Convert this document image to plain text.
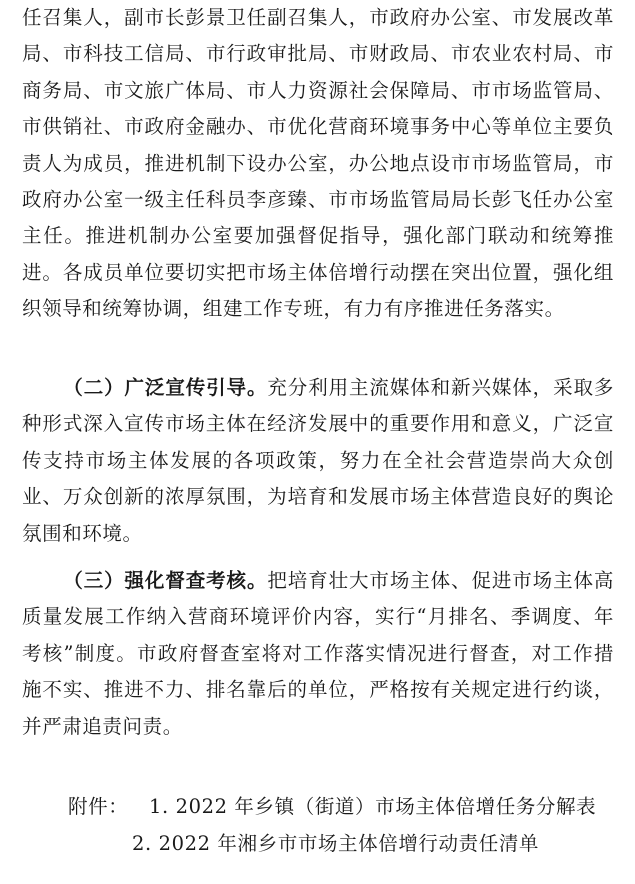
任召集人，副市长彭景卫任副召集人，市政府办公室、市发展改革局、市科技工信局、市行政审批局、市财政局、市农业农村局、市商务局、市文旅广体局、市人力资源社会保障局、市市场监管局、市供销社、市政府金融办、市优化营商环境事务中心等单位主要负责人为成员，推进机制下设办公室，办公地点设市市场监管局，市政府办公室一级主任科员李彦臻、市市场监管局局长彭飞任办公室主任。推进机制办公室要加强督促指导，强化部门联动和统筹推进。各成员单位要切实把市场主体倍增行动摆在突出位置，强化组织领导和统筹协调，组建工作专班，有力有序推进任务落实。

（二）广泛宣传引导。充分利用主流媒体和新兴媒体，采取多种形式深入宣传市场主体在经济发展中的重要作用和意义，广泛宣传支持市场主体发展的各项政策，努力在全社会营造崇尚大众创业、万众创新的浓厚氛围，为培育和发展市场主体营造良好的舆论氛围和环境。

（三）强化督查考核。把培育壮大市场主体、促进市场主体高质量发展工作纳入营商环境评价内容，实行“月排名、季调度、年考核”制度。市政府督查室将对工作落实情况进行督查，对工作措施不实、推进不力、排名靠后的单位，严格按有关规定进行约谈，并严肃追责问责。

附件： 1. 2022 年乡镇（街道）市场主体倍增任务分解表
2. 2022 年湘乡市市场主体倍增行动责任清单
